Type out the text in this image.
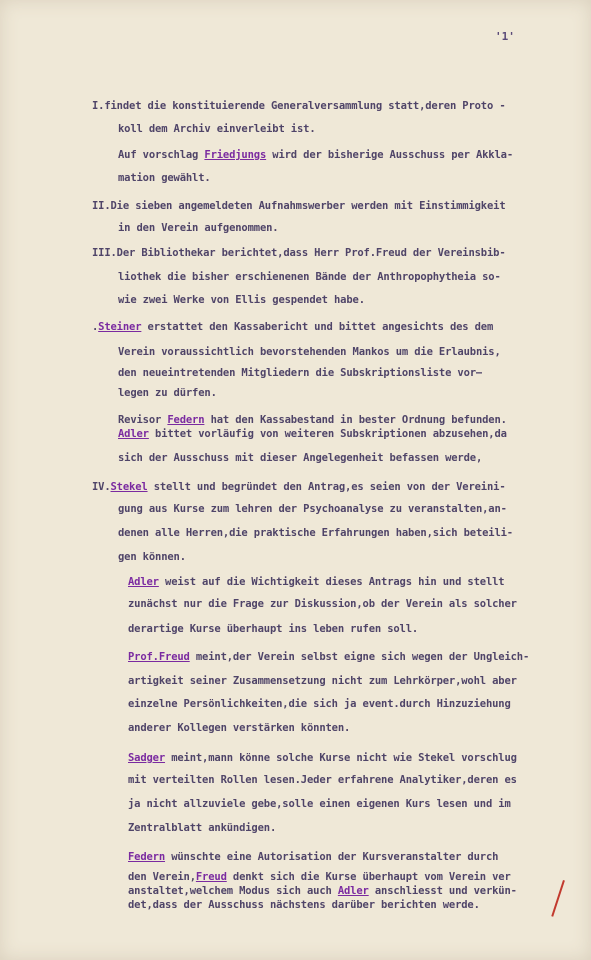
'1'
I.findet die konstituierende Generalversammlung statt,deren Proto -
koll dem Archiv einverleibt ist.
Auf vorschlag Friedjungs wird der bisherige Ausschuss per Akkla-
mation gewählt.
II.Die sieben angemeldeten Aufnahmswerber werden mit Einstimmigkeit
in den Verein aufgenommen.
III.Der Bibliothekar berichtet,dass Herr Prof.Freud der Vereinsbib-
liothek die bisher erschienenen Bände der Anthropophytheia so-
wie zwei Werke von Ellis gespendet habe.
.Steiner erstattet den Kassabericht und bittet angesichts des dem
Verein voraussichtlich bevorstehenden Mankos um die Erlaubnis,
den neueintretenden Mitgliedern die Subskriptionsliste vor—
legen zu dürfen.
Revisor Federn hat den Kassabestand in bester Ordnung befunden.
Adler bittet vorläufig von weiteren Subskriptionen abzusehen,da
sich der Ausschuss mit dieser Angelegenheit befassen werde,
IV.Stekel stellt und begründet den Antrag,es seien von der Vereini-
gung aus Kurse zum lehren der Psychoanalyse zu veranstalten,an-
denen alle Herren,die praktische Erfahrungen haben,sich beteili-
gen können.
Adler weist auf die Wichtigkeit dieses Antrags hin und stellt
zunächst nur die Frage zur Diskussion,ob der Verein als solcher
derartige Kurse überhaupt ins leben rufen soll.
Prof.Freud meint,der Verein selbst eigne sich wegen der Ungleich-
artigkeit seiner Zusammensetzung nicht zum Lehrkörper,wohl aber
einzelne Persönlichkeiten,die sich ja event.durch Hinzuziehung
anderer Kollegen verstärken könnten.
Sadger meint,mann könne solche Kurse nicht wie Stekel vorschlug
mit verteilten Rollen lesen.Jeder erfahrene Analytiker,deren es
ja nicht allzuviele gebe,solle einen eigenen Kurs lesen und im
Zentralblatt ankündigen.
Federn wünschte eine Autorisation der Kursveranstalter durch
den Verein,Freud denkt sich die Kurse überhaupt vom Verein ver
anstaltet,welchem Modus sich auch Adler anschliesst und verkün-
det,dass der Ausschuss nächstens darüber berichten werde.
